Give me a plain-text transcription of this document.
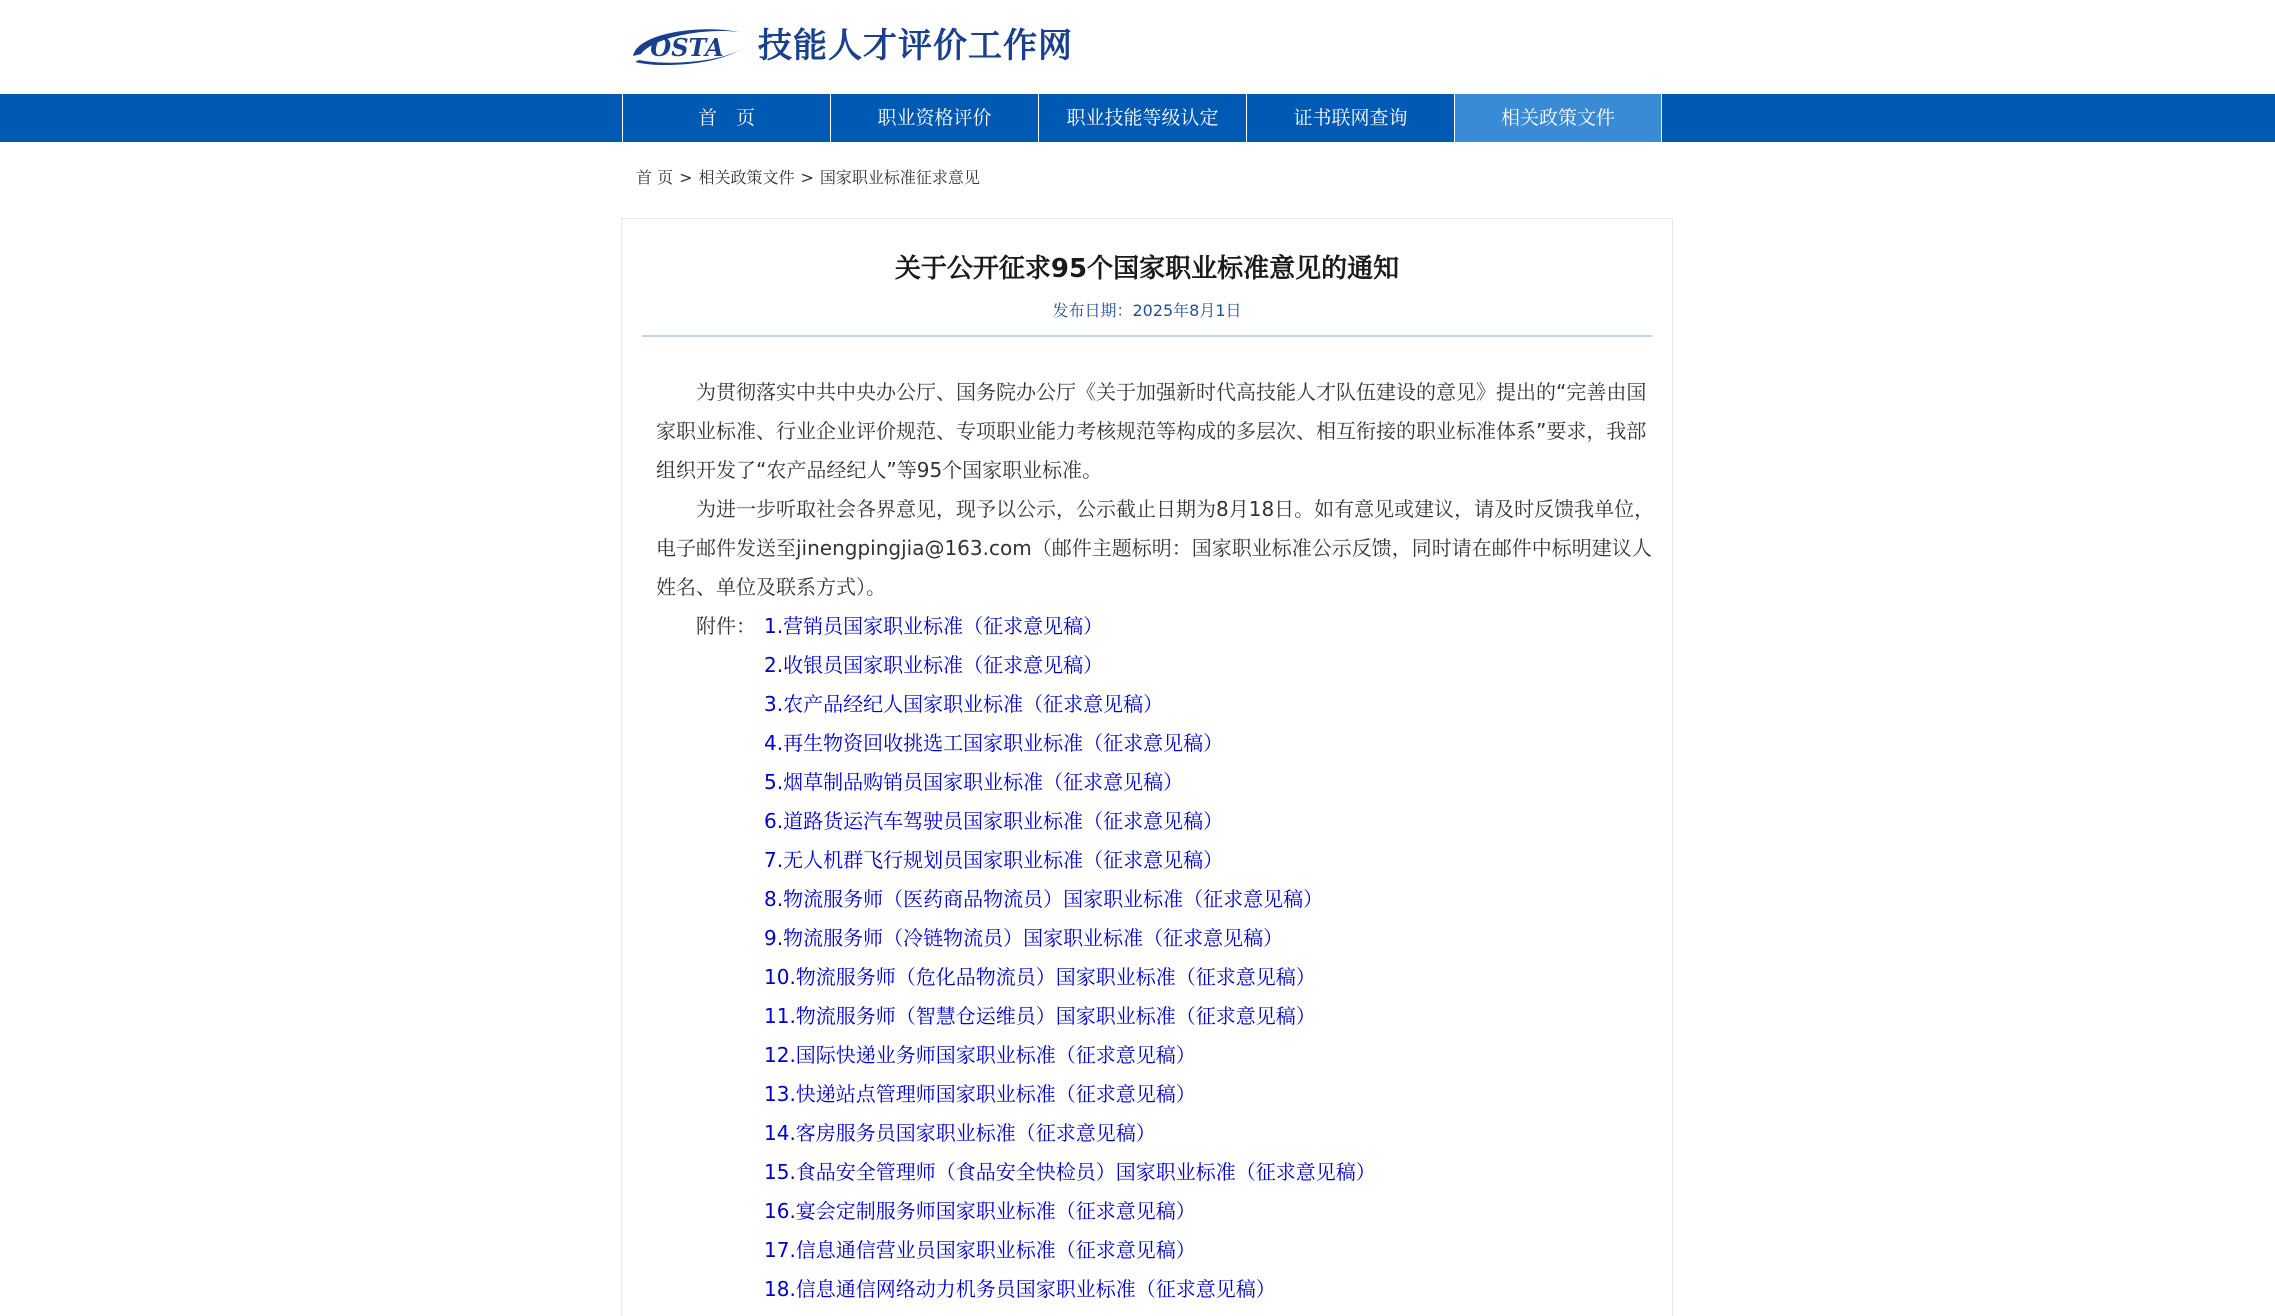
OSTA 技能人才评价工作网
首　页	职业资格评价	职业技能等级认定	证书联网查询	相关政策文件
首 页 > 相关政策文件 > 国家职业标准征求意见
关于公开征求95个国家职业标准意见的通知
发布日期：2025年8月1日

为贯彻落实中共中央办公厅、国务院办公厅《关于加强新时代高技能人才队伍建设的意见》提出的“完善由国家职业标准、行业企业评价规范、专项职业能力考核规范等构成的多层次、相互衔接的职业标准体系”要求，我部组织开发了“农产品经纪人”等95个国家职业标准。

为进一步听取社会各界意见，现予以公示，公示截止日期为8月18日。如有意见或建议，请及时反馈我单位，电子邮件发送至jinengpingjia@163.com（邮件主题标明：国家职业标准公示反馈，同时请在邮件中标明建议人姓名、单位及联系方式）。

附件： 1.营销员国家职业标准（征求意见稿）
2.收银员国家职业标准（征求意见稿）
3.农产品经纪人国家职业标准（征求意见稿）
4.再生物资回收挑选工国家职业标准（征求意见稿）
5.烟草制品购销员国家职业标准（征求意见稿）
6.道路货运汽车驾驶员国家职业标准（征求意见稿）
7.无人机群飞行规划员国家职业标准（征求意见稿）
8.物流服务师（医药商品物流员）国家职业标准（征求意见稿）
9.物流服务师（冷链物流员）国家职业标准（征求意见稿）
10.物流服务师（危化品物流员）国家职业标准（征求意见稿）
11.物流服务师（智慧仓运维员）国家职业标准（征求意见稿）
12.国际快递业务师国家职业标准（征求意见稿）
13.快递站点管理师国家职业标准（征求意见稿）
14.客房服务员国家职业标准（征求意见稿）
15.食品安全管理师（食品安全快检员）国家职业标准（征求意见稿）
16.宴会定制服务师国家职业标准（征求意见稿）
17.信息通信营业员国家职业标准（征求意见稿）
18.信息通信网络动力机务员国家职业标准（征求意见稿）
